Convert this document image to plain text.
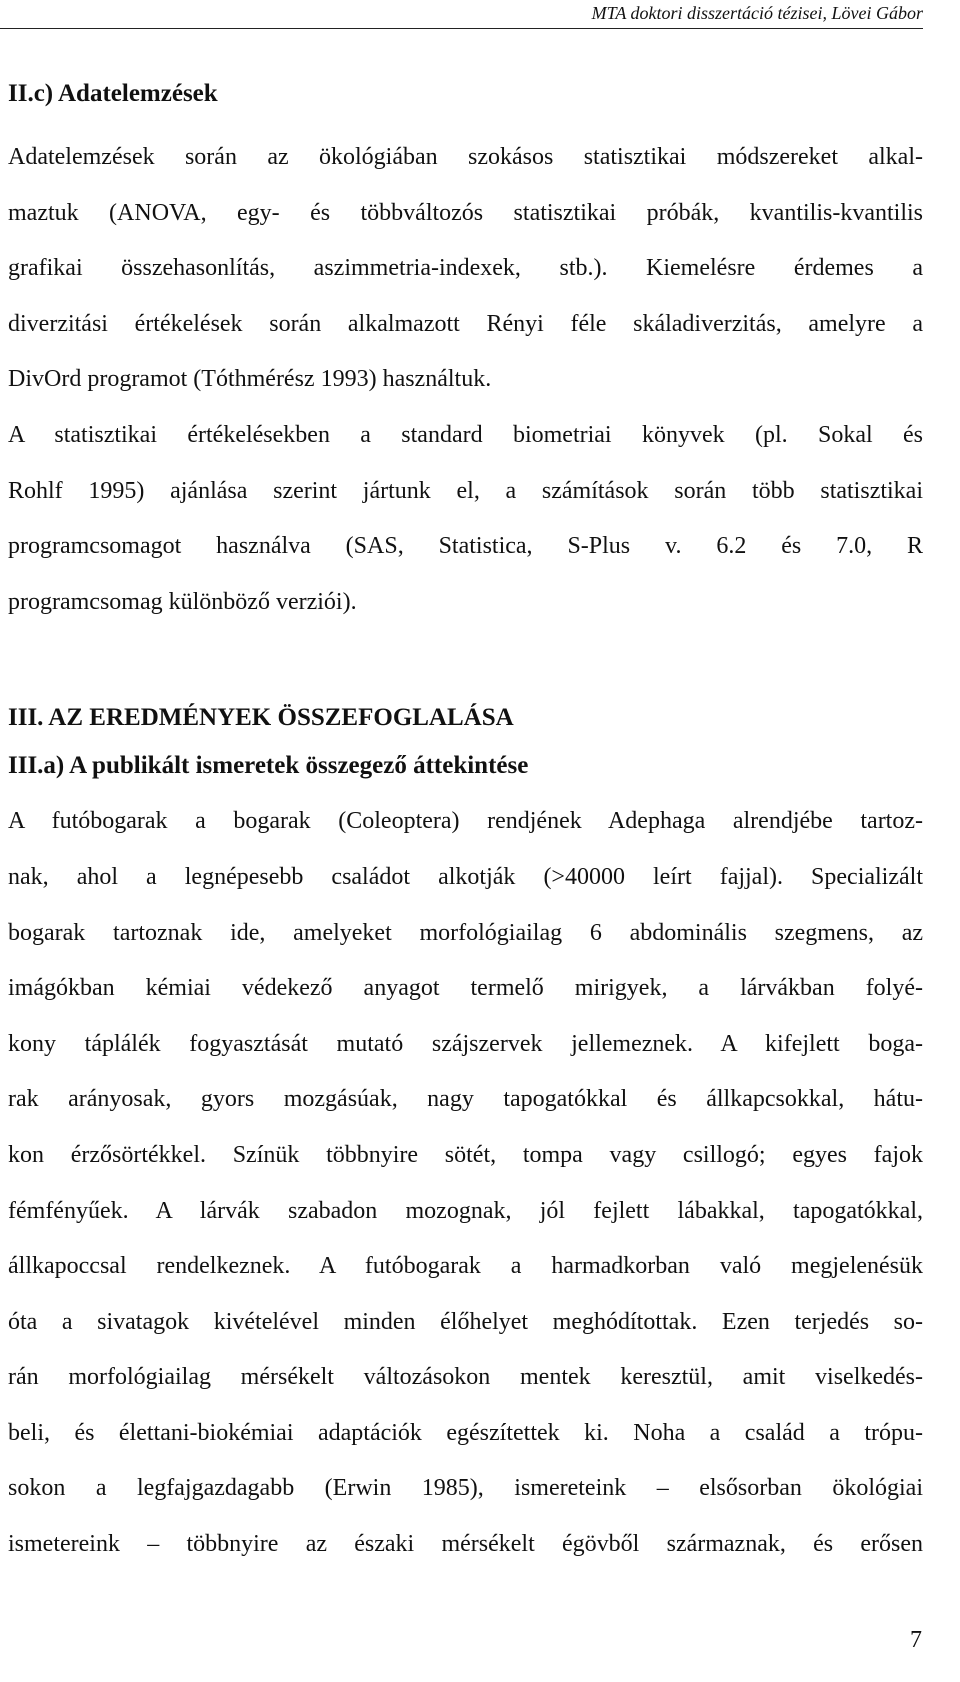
MTA doktori disszertáció tézisei, Lövei Gábor
II.c) Adatelemzések

Adatelemzések során az ökológiában szokásos statisztikai módszereket alkal-
maztuk (ANOVA, egy- és többváltozós statisztikai próbák, kvantilis-kvantilis
grafikai összehasonlítás, aszimmetria-indexek, stb.). Kiemelésre érdemes a
diverzitási értékelések során alkalmazott Rényi féle skáladiverzitás, amelyre a
DivOrd programot (Tóthmérész 1993) használtuk.

A statisztikai értékelésekben a standard biometriai könyvek (pl. Sokal és
Rohlf 1995) ajánlása szerint jártunk el, a számítások során több statisztikai
programcsomagot használva (SAS, Statistica, S-Plus v. 6.2 és 7.0, R
programcsomag különböző verziói).

III. AZ EREDMÉNYEK ÖSSZEFOGLALÁSA
III.a) A publikált ismeretek összegező áttekintése

A futóbogarak a bogarak (Coleoptera) rendjének Adephaga alrendjébe tartoz-
nak, ahol a legnépesebb családot alkotják (>40000 leírt fajjal). Specializált
bogarak tartoznak ide, amelyeket morfológiailag 6 abdominális szegmens, az
imágókban kémiai védekező anyagot termelő mirigyek, a lárvákban folyé-
kony táplálék fogyasztását mutató szájszervek jellemeznek. A kifejlett boga-
rak arányosak, gyors mozgásúak, nagy tapogatókkal és állkapcsokkal, hátu-
kon érzősörtékkel. Színük többnyire sötét, tompa vagy csillogó; egyes fajok
fémfényűek. A lárvák szabadon mozognak, jól fejlett lábakkal, tapogatókkal,
állkapoccsal rendelkeznek. A futóbogarak a harmadkorban való megjelenésük
óta a sivatagok kivételével minden élőhelyet meghódítottak. Ezen terjedés so-
rán morfológiailag mérsékelt változásokon mentek keresztül, amit viselkedés-
beli, és élettani-biokémiai adaptációk egészítettek ki. Noha a család a trópu-
sokon a legfajgazdagabb (Erwin 1985), ismereteink – elsősorban ökológiai
ismetereink – többnyire az északi mérsékelt égövből származnak, és erősen

7
